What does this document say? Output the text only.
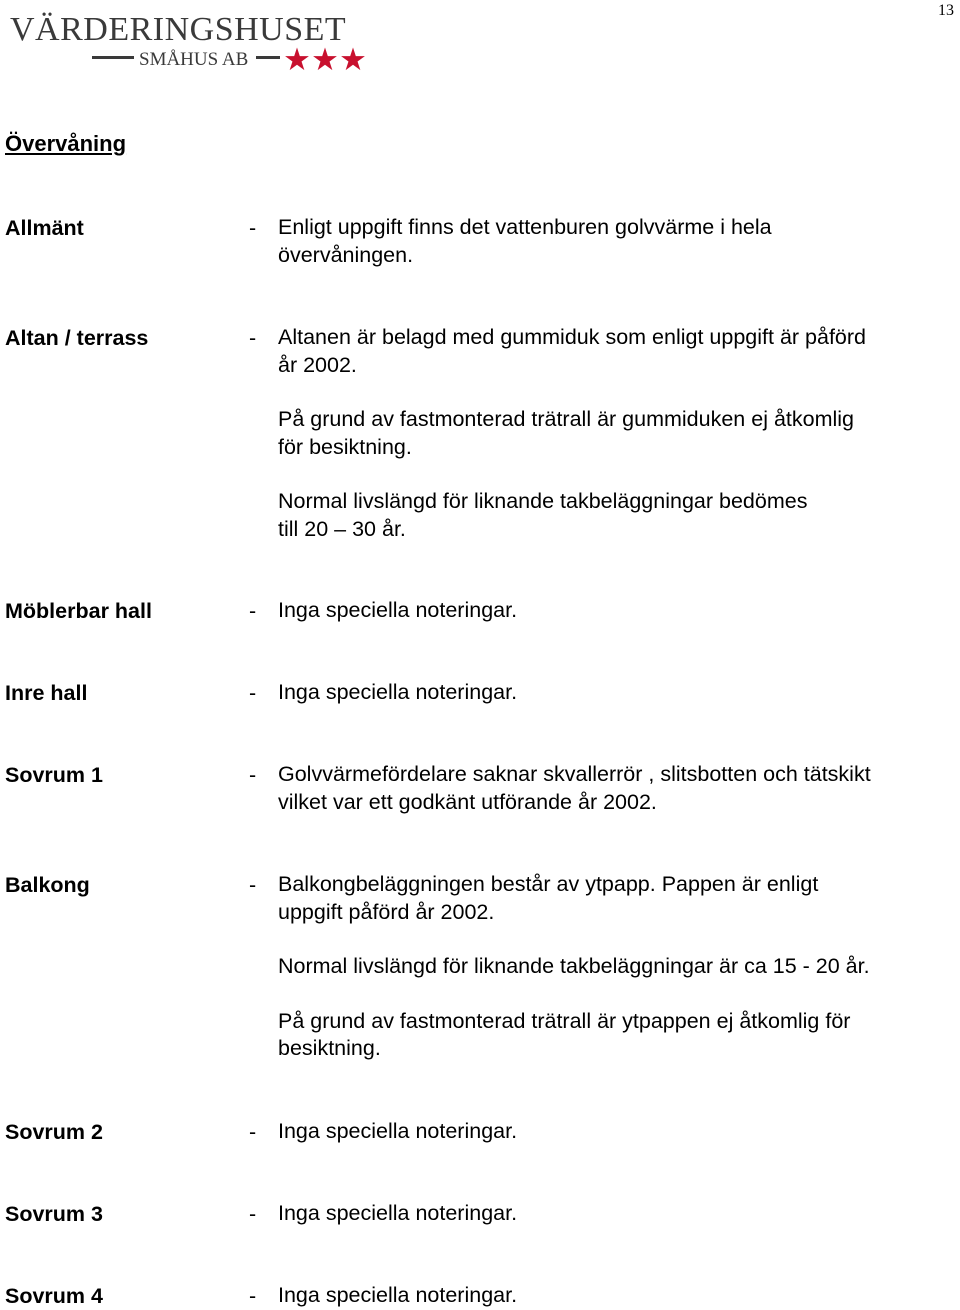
VÄRDERINGSHUSET
SMÅHUS AB
13
Övervåning
Allmänt	- Enligt uppgift finns det vattenburen golvvärme i hela
övervåningen.
Altan / terrass	- Altanen är belagd med gummiduk som enligt uppgift är påförd
år 2002.
På grund av fastmonterad trätrall är gummiduken ej åtkomlig
för besiktning.
Normal livslängd för liknande takbeläggningar bedömes
till 20 – 30 år.
Möblerbar hall	- Inga speciella noteringar.
Inre hall	- Inga speciella noteringar.
Sovrum 1	- Golvvärmefördelare saknar skvallerrör , slitsbotten och tätskikt
vilket var ett godkänt utförande år 2002.
Balkong	- Balkongbeläggningen består av ytpapp. Pappen är enligt
uppgift påförd år 2002.
Normal livslängd för liknande takbeläggningar är ca 15 - 20 år.
På grund av fastmonterad trätrall är ytpappen ej åtkomlig för
besiktning.
Sovrum 2	- Inga speciella noteringar.
Sovrum 3	- Inga speciella noteringar.
Sovrum 4	- Inga speciella noteringar.
